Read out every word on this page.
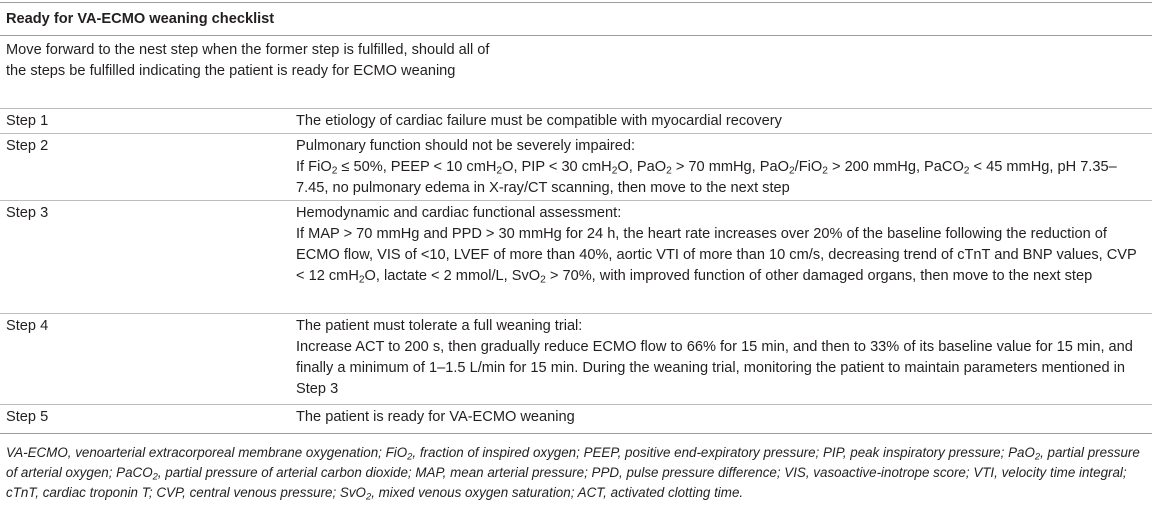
Ready for VA-ECMO weaning checklist
Move forward to the nest step when the former step is fulfilled, should all of the steps be fulfilled indicating the patient is ready for ECMO weaning
Step 1	The etiology of cardiac failure must be compatible with myocardial recovery
Step 2	Pulmonary function should not be severely impaired:
If FiO$_2$ ≤ 50%, PEEP < 10 cmH$_2$O, PIP < 30 cmH$_2$O, PaO$_2$ > 70 mmHg, PaO$_2$/FiO$_2$ > 200 mmHg, PaCO$_2$ < 45 mmHg, pH 7.35–7.45, no pulmonary edema in X-ray/CT scanning, then move to the next step
Step 3	Hemodynamic and cardiac functional assessment:
If MAP > 70 mmHg and PPD > 30 mmHg for 24 h, the heart rate increases over 20% of the baseline following the reduction of ECMO flow, VIS of <10, LVEF of more than 40%, aortic VTI of more than 10 cm/s, decreasing trend of cTnT and BNP values, CVP < 12 cmH$_2$O, lactate < 2 mmol/L, SvO$_2$ > 70%, with improved function of other damaged organs, then move to the next step
Step 4	The patient must tolerate a full weaning trial:
Increase ACT to 200 s, then gradually reduce ECMO flow to 66% for 15 min, and then to 33% of its baseline value for 15 min, and finally a minimum of 1–1.5 L/min for 15 min. During the weaning trial, monitoring the patient to maintain parameters mentioned in Step 3
Step 5	The patient is ready for VA-ECMO weaning
VA-ECMO, venoarterial extracorporeal membrane oxygenation; FiO$_2$, fraction of inspired oxygen; PEEP, positive end-expiratory pressure; PIP, peak inspiratory pressure; PaO$_2$, partial pressure of arterial oxygen; PaCO$_2$, partial pressure of arterial carbon dioxide; MAP, mean arterial pressure; PPD, pulse pressure difference; VIS, vasoactive-inotrope score; VTI, velocity time integral; cTnT, cardiac troponin T; CVP, central venous pressure; SvO$_2$, mixed venous oxygen saturation; ACT, activated clotting time.
